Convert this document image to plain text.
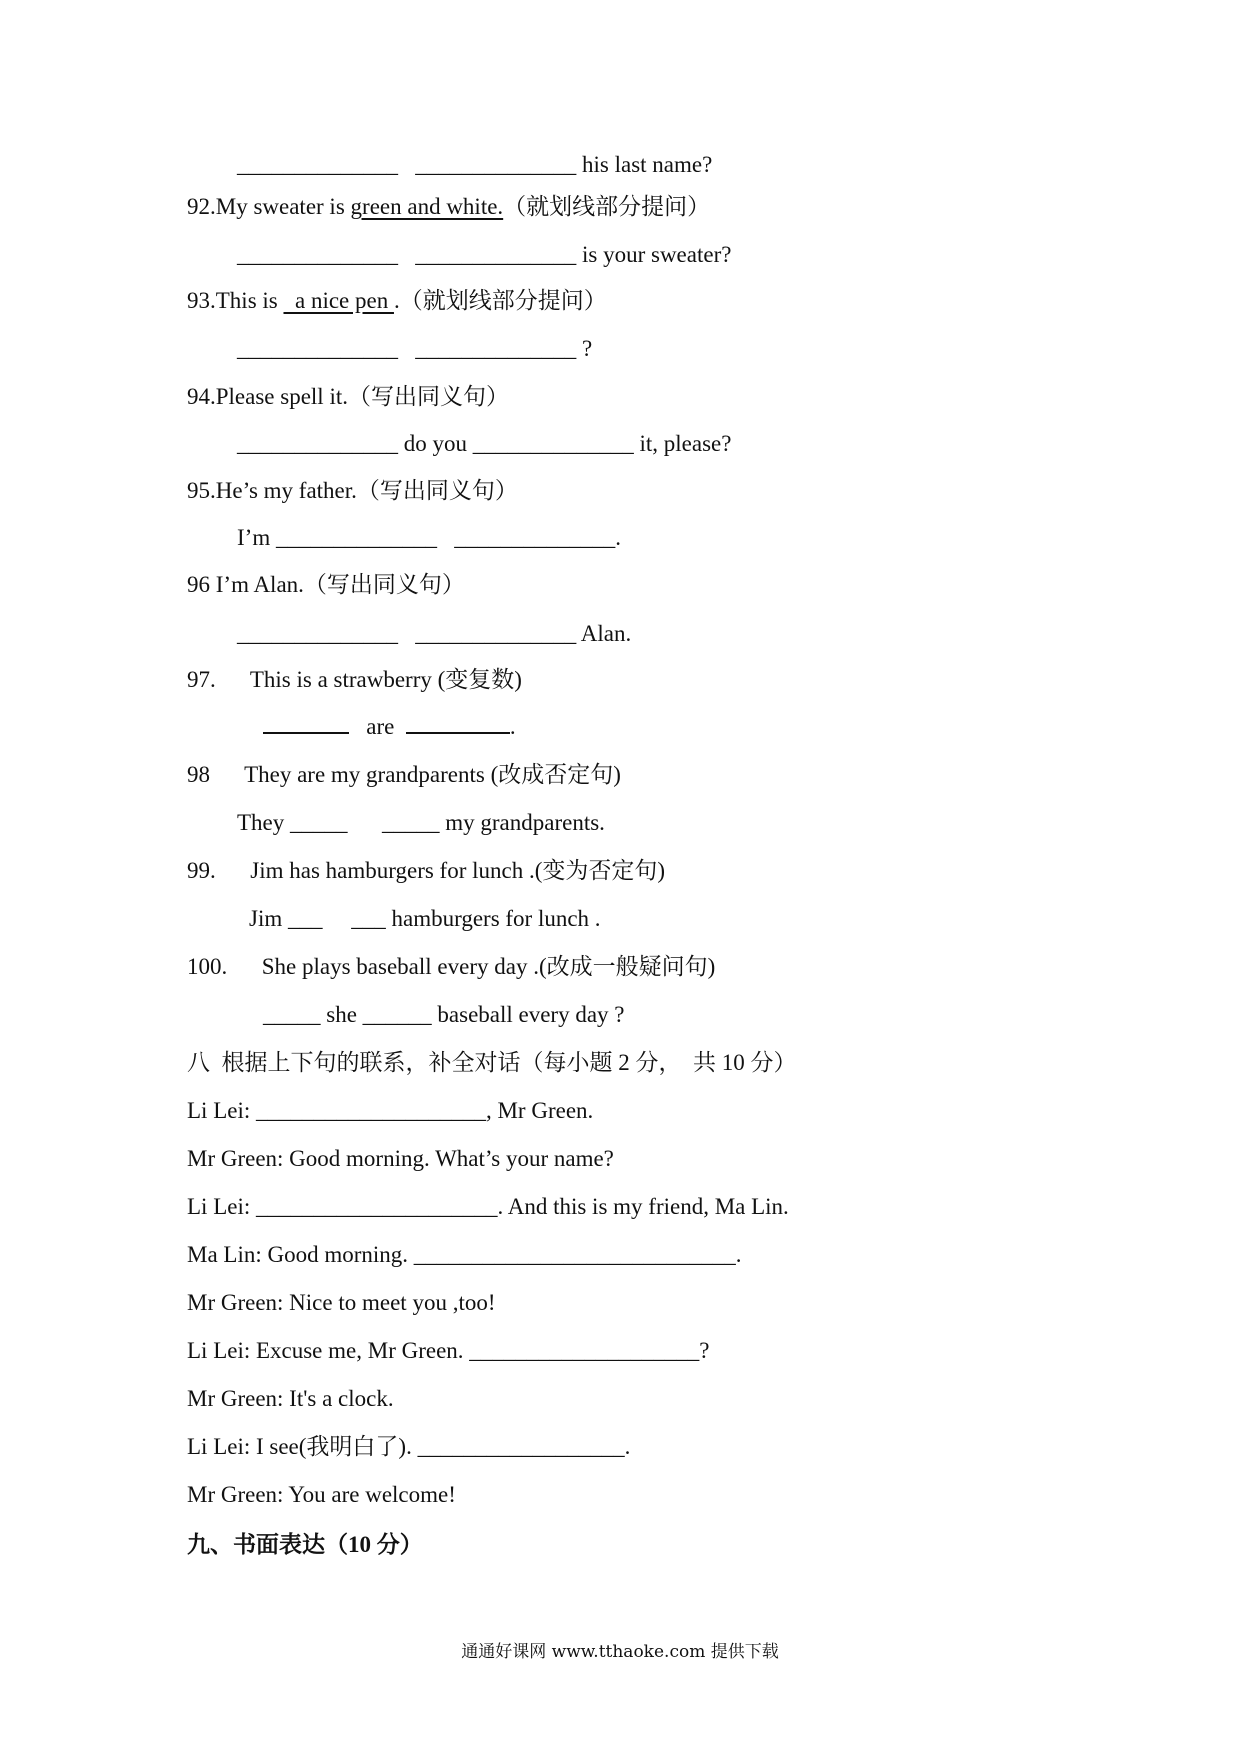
______________   ______________ his last name?
92.My sweater is green and white.（就划线部分提问）
______________   ______________ is your sweater?
93.This is   a nice pen .（就划线部分提问）
______________   ______________ ?
94.Please spell it.（写出同义句）
______________ do you ______________ it, please?
95.He’s my father.（写出同义句）
I’m ______________   ______________.
96 I’m Alan.（写出同义句）
______________   ______________ Alan.
97.      This is a strawberry (变复数)
are	.
98      They are my grandparents (改成否定句)
They _____      _____ my grandparents.
99.      Jim has hamburgers for lunch .(变为否定句)
Jim ___     ___ hamburgers for lunch .
100.      She plays baseball every day .(改成一般疑问句)
_____ she ______ baseball every day ?
八  根据上下句的联系，补全对话（每小题 2 分，  共 10 分）
Li Lei: ____________________, Mr Green.
Mr Green: Good morning. What’s your name?
Li Lei: _____________________. And this is my friend, Ma Lin.
Ma Lin: Good morning. ____________________________.
Mr Green: Nice to meet you ,too!
Li Lei: Excuse me, Mr Green. ____________________?
Mr Green: It's a clock.
Li Lei: I see(我明白了). __________________.
Mr Green: You are welcome!
九、书面表达（10 分）
通通好课网 www.tthaoke.com 提供下载
